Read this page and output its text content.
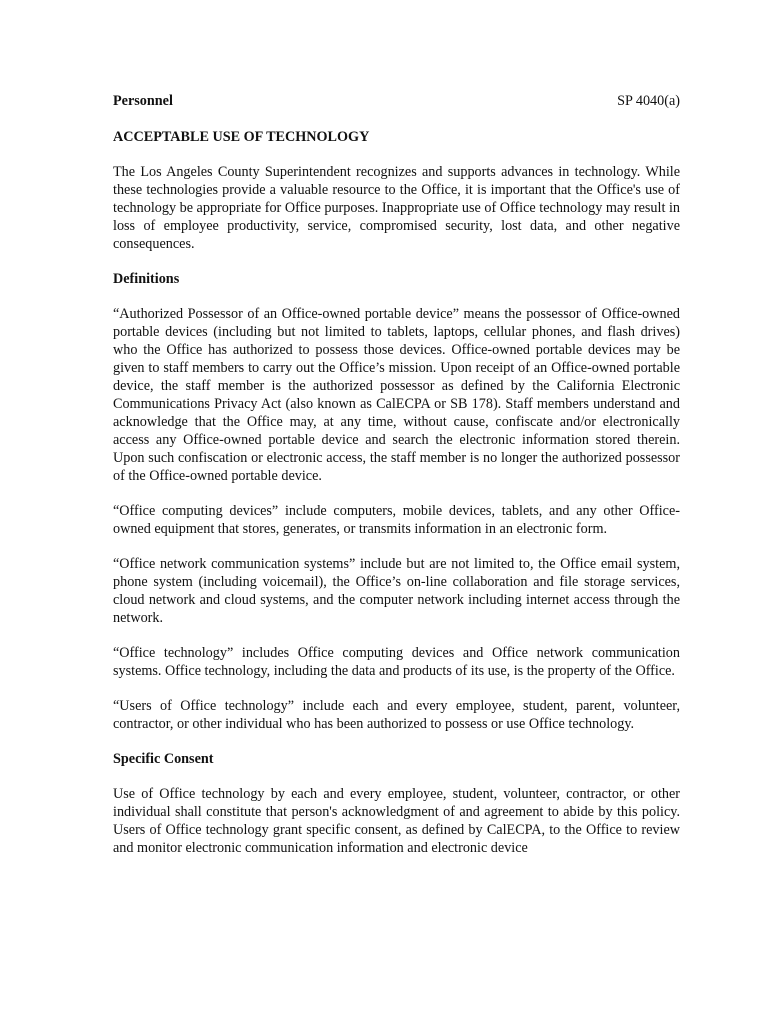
Personnel	SP 4040(a)
ACCEPTABLE USE OF TECHNOLOGY

The Los Angeles County Superintendent recognizes and supports advances in technology. While these technologies provide a valuable resource to the Office, it is important that the Office's use of technology be appropriate for Office purposes. Inappropriate use of Office technology may result in loss of employee productivity, service, compromised security, lost data, and other negative consequences.

Definitions

“Authorized Possessor of an Office-owned portable device” means the possessor of Office-owned portable devices (including but not limited to tablets, laptops, cellular phones, and flash drives) who the Office has authorized to possess those devices. Office-owned portable devices may be given to staff members to carry out the Office’s mission. Upon receipt of an Office-owned portable device, the staff member is the authorized possessor as defined by the California Electronic Communications Privacy Act (also known as CalECPA or SB 178). Staff members understand and acknowledge that the Office may, at any time, without cause, confiscate and/or electronically access any Office-owned portable device and search the electronic information stored therein. Upon such confiscation or electronic access, the staff member is no longer the authorized possessor of the Office-owned portable device.

“Office computing devices” include computers, mobile devices, tablets, and any other Office-owned equipment that stores, generates, or transmits information in an electronic form.

“Office network communication systems” include but are not limited to, the Office email system, phone system (including voicemail), the Office’s on-line collaboration and file storage services, cloud network and cloud systems, and the computer network including internet access through the network.

“Office technology” includes Office computing devices and Office network communication systems. Office technology, including the data and products of its use, is the property of the Office.

“Users of Office technology” include each and every employee, student, parent, volunteer, contractor, or other individual who has been authorized to possess or use Office technology.

Specific Consent

Use of Office technology by each and every employee, student, volunteer, contractor, or other individual shall constitute that person's acknowledgment of and agreement to abide by this policy. Users of Office technology grant specific consent, as defined by CalECPA, to the Office to review and monitor electronic communication information and electronic device
